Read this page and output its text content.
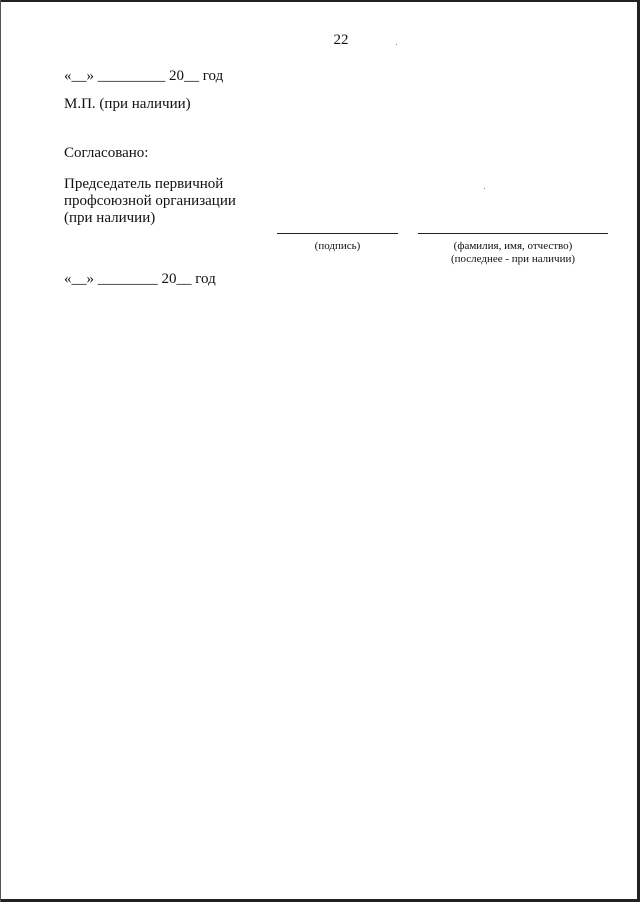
22
«__» _________ 20__ год
М.П. (при наличии)
Согласовано:
Председатель первичной
профсоюзной организации
(при наличии)
(подпись)	(фамилия, имя, отчество)
(последнее - при наличии)
«__» ________ 20__ год
